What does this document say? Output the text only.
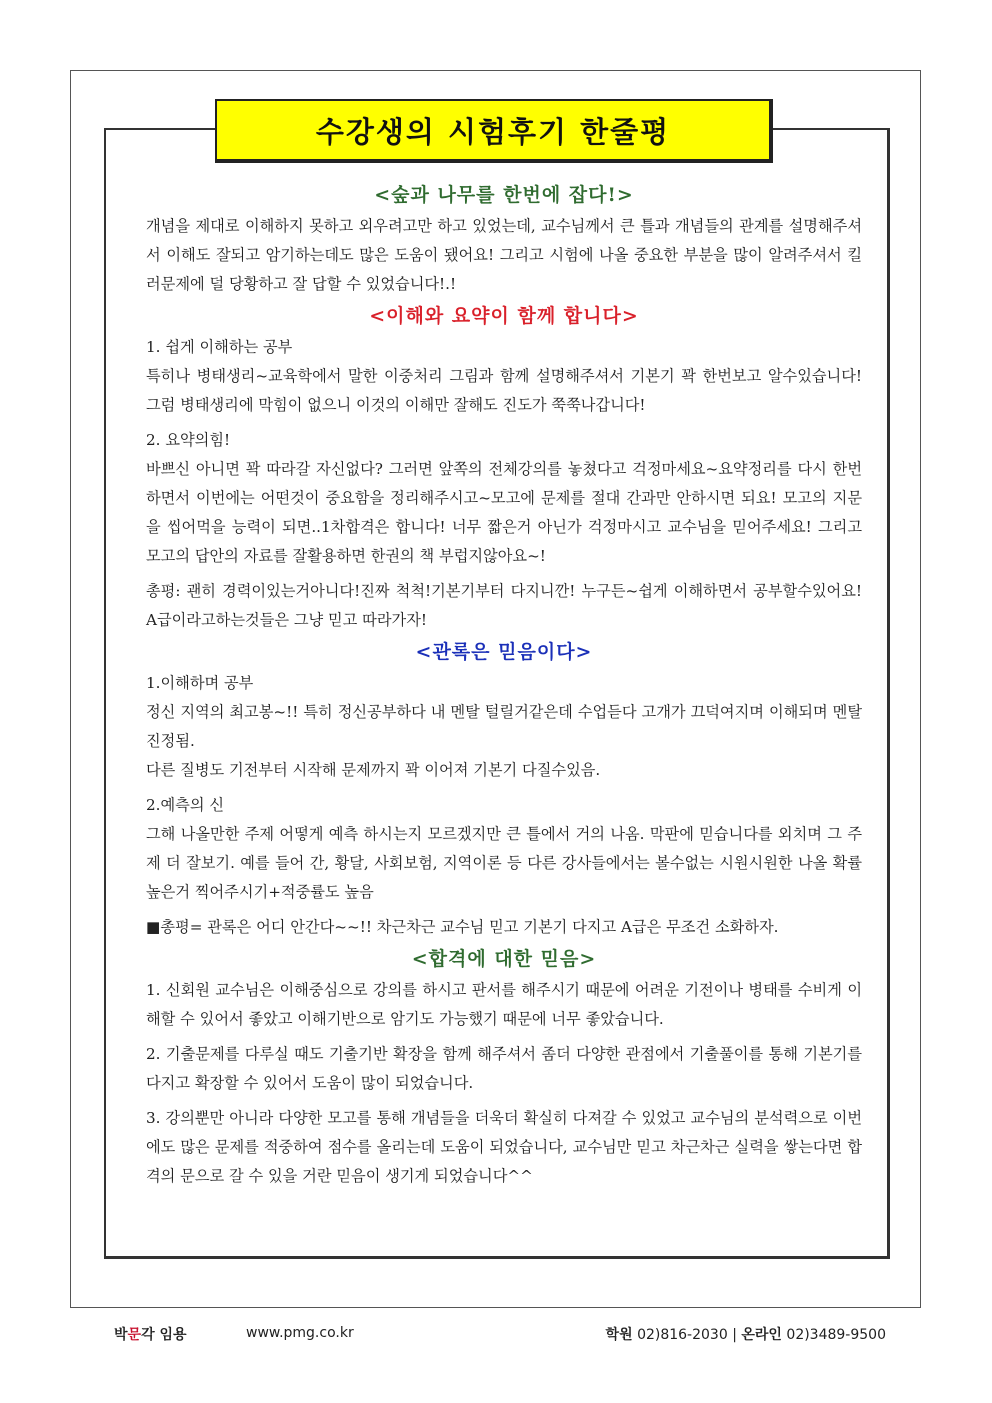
수강생의 시험후기 한줄평

<숲과 나무를 한번에 잡다!>

개념을 제대로 이해하지 못하고 외우려고만 하고 있었는데, 교수님께서 큰 틀과 개념들의 관계를 설명해주셔서 이해도 잘되고 암기하는데도 많은 도움이 됐어요! 그리고 시험에 나올 중요한 부분을 많이 알려주셔서 킬러문제에 덜 당황하고 잘 답할 수 있었습니다!.!

<이해와 요약이 함께 합니다>

1. 쉽게 이해하는 공부

특히나 병태생리~교육학에서 말한 이중처리 그림과 함께 설명해주셔서 기본기 꽉 한번보고 알수있습니다! 그럼 병태생리에 막힘이 없으니 이것의 이해만 잘해도 진도가 쭉쭉나갑니다!

2. 요약의힘!

바쁘신 아니면 꽉 따라갈 자신없다? 그러면 앞쪽의 전체강의를 놓쳤다고 걱정마세요~요약정리를 다시 한번 하면서 이번에는 어떤것이 중요함을 정리해주시고~모고에 문제를 절대 간과만 안하시면 되요! 모고의 지문을 씹어먹을 능력이 되면..1차합격은 합니다! 너무 짧은거 아닌가 걱정마시고 교수님을 믿어주세요! 그리고 모고의 답안의 자료를 잘활용하면 한권의 책 부럽지않아요~!

총평: 괜히 경력이있는거아니다!진짜 척척!기본기부터 다지니깐! 누구든~쉽게 이해하면서 공부할수있어요! A급이라고하는것들은 그냥 믿고 따라가자!

<관록은 믿음이다>

1.이해하며 공부

정신 지역의 최고봉~!! 특히 정신공부하다 내 멘탈 털릴거같은데 수업듣다 고개가 끄덕여지며 이해되며 멘탈 진정됨.

다른 질병도 기전부터 시작해 문제까지 꽉 이어져 기본기 다질수있음.

2.예측의 신

그해 나올만한 주제 어떻게 예측 하시는지 모르겠지만 큰 틀에서 거의 나옴. 막판에 믿습니다를 외치며 그 주제 더 잘보기. 예를 들어 간, 황달, 사회보험, 지역이론 등 다른 강사들에서는 볼수없는 시원시원한 나올 확률 높은거 찍어주시기+적중률도 높음

■총평= 관록은 어디 안간다~~!! 차근차근 교수님 믿고 기본기 다지고 A급은 무조건 소화하자.

<합격에 대한 믿음>

1. 신회원 교수님은 이해중심으로 강의를 하시고 판서를 해주시기 때문에 어려운 기전이나 병태를 수비게 이해할 수 있어서 좋았고 이해기반으로 암기도 가능했기 때문에 너무 좋았습니다.

2. 기출문제를 다루실 때도 기출기반 확장을 함께 해주셔서 좀더 다양한 관점에서 기출풀이를 통해 기본기를 다지고 확장할 수 있어서 도움이 많이 되었습니다.

3. 강의뿐만 아니라 다양한 모고를 통해 개념들을 더욱더 확실히 다져갈 수 있었고 교수님의 분석력으로 이번에도 많은 문제를 적중하여 점수를 올리는데 도움이 되었습니다, 교수님만 믿고 차근차근 실력을 쌓는다면 합격의 문으로 갈 수 있을 거란 믿음이 생기게 되었습니다^^

박문각 임용	www.pmg.co.kr	학원 02)816-2030 | 온라인 02)3489-9500
